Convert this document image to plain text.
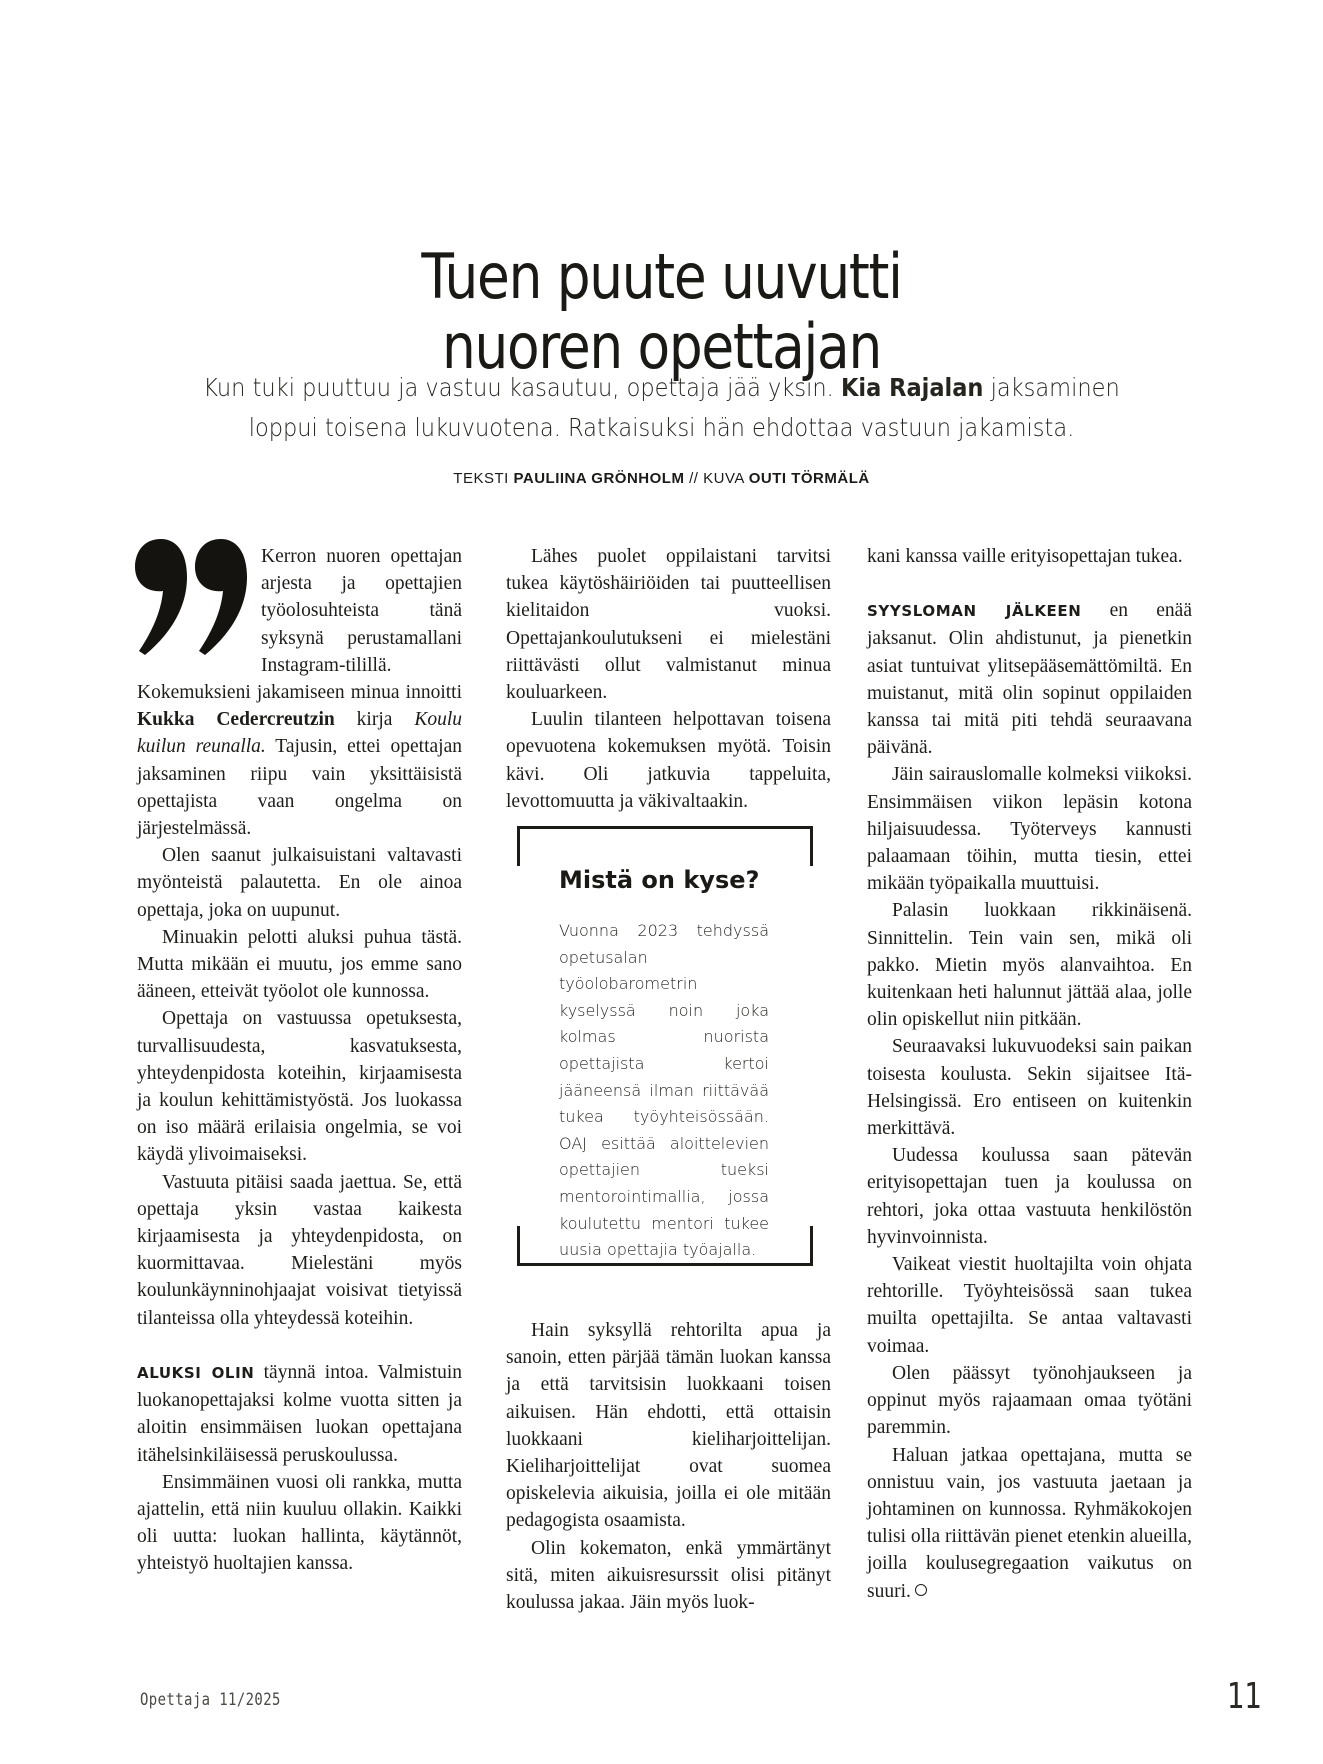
Tuen puute uuvutti
nuoren opettajan
Kun tuki puuttuu ja vastuu kasautuu, opettaja jää yksin. Kia Rajalan jaksaminen
loppui toisena lukuvuotena. Ratkaisuksi hän ehdottaa vastuun jakamista.
TEKSTI PAULIINA GRÖNHOLM // KUVA OUTI TÖRMÄLÄ

Kerron nuoren opettajan arjesta ja opettajien työolosuhteista tänä syksynä perustamallani Instagram-tilillä. Kokemuksieni jakamiseen minua innoitti Kukka Cedercreutzin kirja Koulu kuilun reunalla. Tajusin, ettei opettajan jaksaminen riipu vain yksittäisistä opettajista vaan ongelma on järjestelmässä.

Olen saanut julkaisuistani valtavasti myönteistä palautetta. En ole ainoa opettaja, joka on uupunut.

Minuakin pelotti aluksi puhua tästä. Mutta mikään ei muutu, jos emme sano ääneen, etteivät työolot ole kunnossa.

Opettaja on vastuussa opetuksesta, turvallisuudesta, kasvatuksesta, yhteydenpidosta koteihin, kirjaamisesta ja koulun kehittämistyöstä. Jos luokassa on iso määrä erilaisia ongelmia, se voi käydä ylivoimaiseksi.

Vastuuta pitäisi saada jaettua. Se, että opettaja yksin vastaa kaikesta kirjaamisesta ja yhteydenpidosta, on kuormittavaa. Mielestäni myös koulunkäynninohjaajat voisivat tietyissä tilanteissa olla yhteydessä koteihin.

ALUKSI OLIN täynnä intoa. Valmistuin luokanopettajaksi kolme vuotta sitten ja aloitin ensimmäisen luokan opettajana itähelsinkiläisessä peruskoulussa.

Ensimmäinen vuosi oli rankka, mutta ajattelin, että niin kuuluu ollakin. Kaikki oli uutta: luokan hallinta, käytännöt, yhteistyö huoltajien kanssa.

Lähes puolet oppilaistani tarvitsi tukea käytöshäiriöiden tai puutteellisen kielitaidon vuoksi. Opettajankoulutukseni ei mielestäni riittävästi ollut valmistanut minua kouluarkeen.

Luulin tilanteen helpottavan toisena opevuotena kokemuksen myötä. Toisin kävi. Oli jatkuvia tappeluita, levottomuutta ja väkivaltaakin.

Mistä on kyse?
Vuonna 2023 tehdyssä opetusalan työolobarometrin kyselyssä noin joka kolmas nuorista opettajista kertoi jääneensä ilman riittävää tukea työyhteisössään. OAJ esittää aloittelevien opettajien tueksi mentorointimallia, jossa koulutettu mentori tukee uusia opettajia työajalla.

Hain syksyllä rehtorilta apua ja sanoin, etten pärjää tämän luokan kanssa ja että tarvitsisin luokkaani toisen aikuisen. Hän ehdotti, että ottaisin luokkaani kieliharjoittelijan. Kieliharjoittelijat ovat suomea opiskelevia aikuisia, joilla ei ole mitään pedagogista osaamista.

Olin kokematon, enkä ymmärtänyt sitä, miten aikuisresurssit olisi pitänyt koulussa jakaa. Jäin myös luok-

kani kanssa vaille erityisopettajan tukea.

SYYSLOMAN JÄLKEEN en enää jaksanut. Olin ahdistunut, ja pienetkin asiat tuntuivat ylitsepääsemättömiltä. En muistanut, mitä olin sopinut oppilaiden kanssa tai mitä piti tehdä seuraavana päivänä.

Jäin sairauslomalle kolmeksi viikoksi. Ensimmäisen viikon lepäsin kotona hiljaisuudessa. Työterveys kannusti palaamaan töihin, mutta tiesin, ettei mikään työpaikalla muuttuisi.

Palasin luokkaan rikkinäisenä. Sinnittelin. Tein vain sen, mikä oli pakko. Mietin myös alanvaihtoa. En kuitenkaan heti halunnut jättää alaa, jolle olin opiskellut niin pitkään.

Seuraavaksi lukuvuodeksi sain paikan toisesta koulusta. Sekin sijaitsee Itä-Helsingissä. Ero entiseen on kuitenkin merkittävä.

Uudessa koulussa saan pätevän erityisopettajan tuen ja koulussa on rehtori, joka ottaa vastuuta henkilöstön hyvinvoinnista.

Vaikeat viestit huoltajilta voin ohjata rehtorille. Työyhteisössä saan tukea muilta opettajilta. Se antaa valtavasti voimaa.

Olen päässyt työnohjaukseen ja oppinut myös rajaamaan omaa työtäni paremmin.

Haluan jatkaa opettajana, mutta se onnistuu vain, jos vastuuta jaetaan ja johtaminen on kunnossa. Ryhmäkokojen tulisi olla riittävän pienet etenkin alueilla, joilla koulusegregaation vaikutus on suuri.

Opettaja 11/2025	11
